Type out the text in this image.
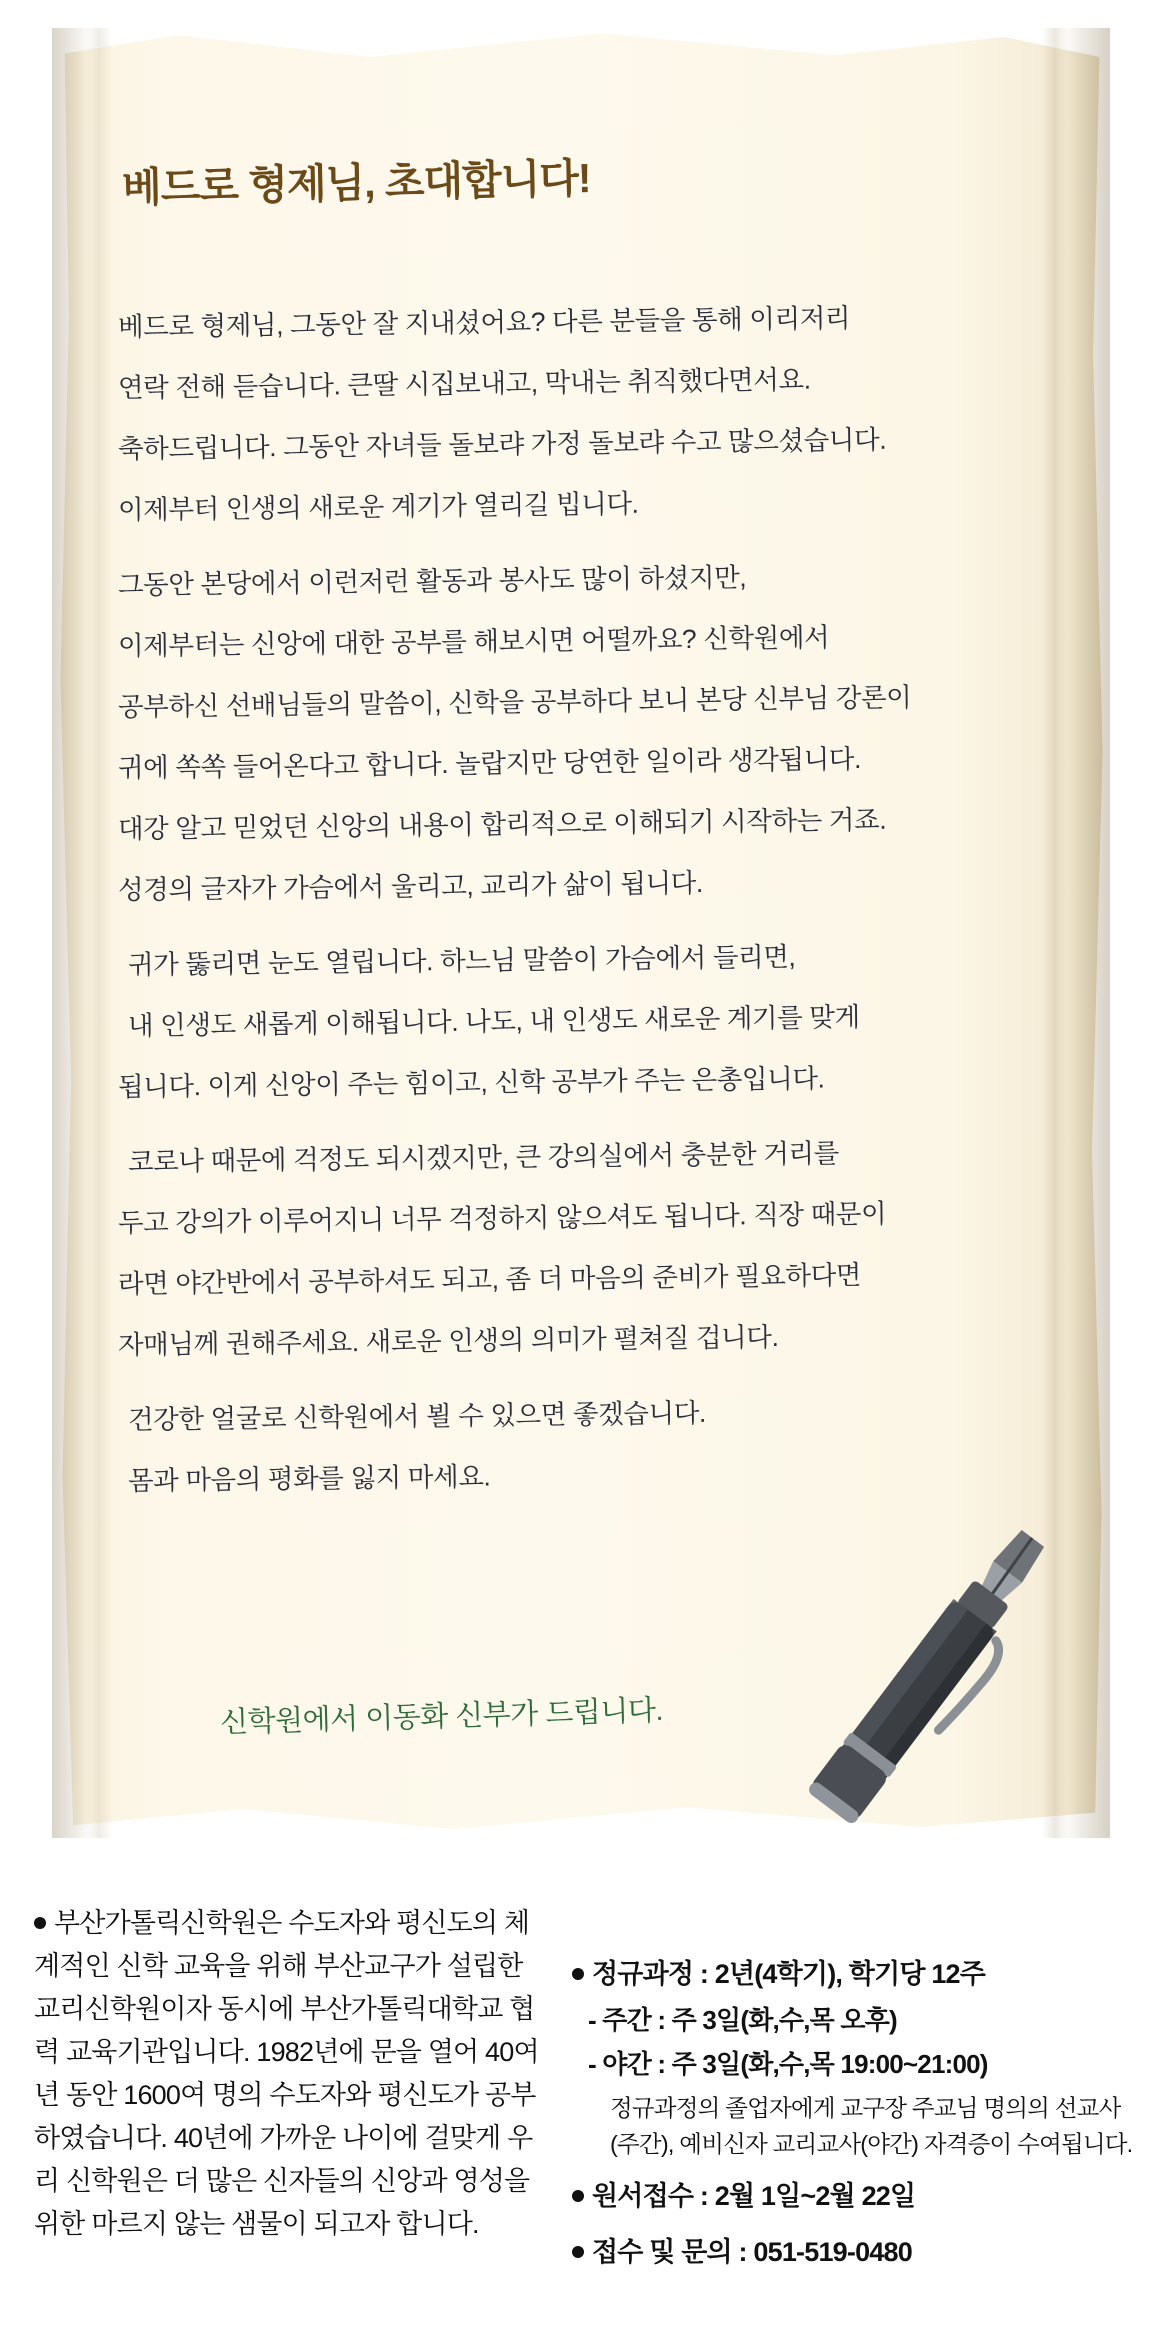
베드로 형제님, 초대합니다!

베드로 형제님, 그동안 잘 지내셨어요? 다른 분들을 통해 이리저리

연락 전해 듣습니다. 큰딸 시집보내고, 막내는 취직했다면서요.

축하드립니다. 그동안 자녀들 돌보랴 가정 돌보랴 수고 많으셨습니다.

이제부터 인생의 새로운 계기가 열리길 빕니다.

그동안 본당에서 이런저런 활동과 봉사도 많이 하셨지만,

이제부터는 신앙에 대한 공부를 해보시면 어떨까요? 신학원에서

공부하신 선배님들의 말씀이, 신학을 공부하다 보니 본당 신부님 강론이

귀에 쏙쏙 들어온다고 합니다. 놀랍지만 당연한 일이라 생각됩니다.

대강 알고 믿었던 신앙의 내용이 합리적으로 이해되기 시작하는 거죠.

성경의 글자가 가슴에서 울리고, 교리가 삶이 됩니다.

귀가 뚫리면 눈도 열립니다. 하느님 말씀이 가슴에서 들리면,

내 인생도 새롭게 이해됩니다. 나도, 내 인생도 새로운 계기를 맞게

됩니다. 이게 신앙이 주는 힘이고, 신학 공부가 주는 은총입니다.

코로나 때문에 걱정도 되시겠지만, 큰 강의실에서 충분한 거리를

두고 강의가 이루어지니 너무 걱정하지 않으셔도 됩니다. 직장 때문이

라면 야간반에서 공부하셔도 되고, 좀 더 마음의 준비가 필요하다면

자매님께 권해주세요. 새로운 인생의 의미가 펼쳐질 겁니다.

건강한 얼굴로 신학원에서 뵐 수 있으면 좋겠습니다.

몸과 마음의 평화를 잃지 마세요.

신학원에서 이동화 신부가 드립니다.
부산가톨릭신학원은 수도자와 평신도의 체계적인 신학 교육을 위해 부산교구가 설립한 교리신학원이자 동시에 부산가톨릭대학교 협력 교육기관입니다. 1982년에 문을 열어 40여 년 동안 1600여 명의 수도자와 평신도가 공부하였습니다. 40년에 가까운 나이에 걸맞게 우리 신학원은 더 많은 신자들의 신앙과 영성을 위한 마르지 않는 샘물이 되고자 합니다.
정규과정 : 2년(4학기), 학기당 12주
- 주간 : 주 3일(화,수,목 오후)
- 야간 : 주 3일(화,수,목 19:00~21:00)
정규과정의 졸업자에게 교구장 주교님 명의의 선교사(주간), 예비신자 교리교사(야간) 자격증이 수여됩니다.
원서접수 : 2월 1일~2월 22일
접수 및 문의 : 051-519-0480
